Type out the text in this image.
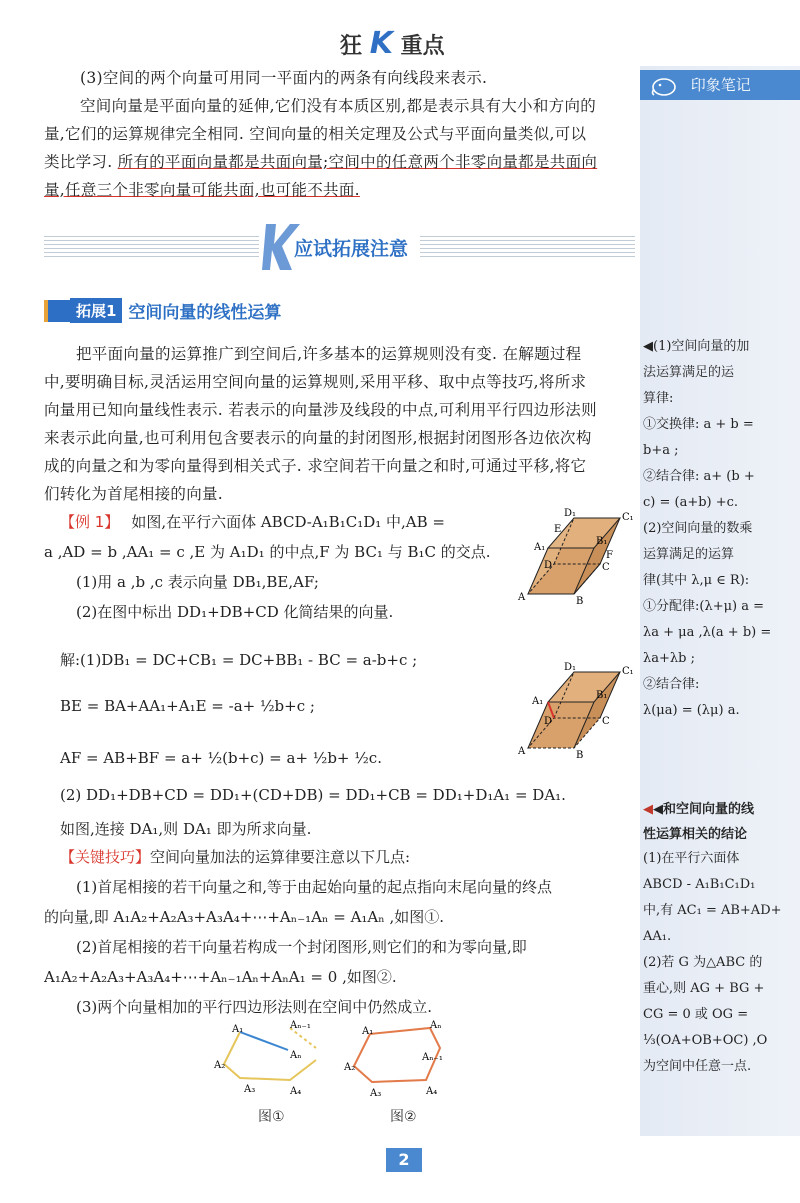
狂 K 重点
印象笔记
◀(1)空间向量的加
法运算满足的运
算律:
①交换律: a + b =
b+a ;
②结合律: a+ (b +
c) = (a+b) +c.
(2)空间向量的数乘
运算满足的运算
律(其中 λ,μ ∈ R):
①分配律:(λ+μ) a =
λa + μa ,λ(a + b) =
λa+λb ;
②结合律:
λ(μa) = (λμ) a.
◀◀和空间向量的线
性运算相关的结论
(1)在平行六面体
ABCD - A₁B₁C₁D₁
中,有 AC₁ = AB+AD+
AA₁.
(2)若 G 为△ABC 的
重心,则 AG + BG +
CG = 0 或 OG =
⅓(OA+OB+OC) ,O
为空间中任意一点.
(3)空间的两个向量可用同一平面内的两条有向线段来表示.
空间向量是平面向量的延伸,它们没有本质区别,都是表示具有大小和方向的
量,它们的运算规律完全相同. 空间向量的相关定理及公式与平面向量类似,可以
类比学习. 所有的平面向量都是共面向量;空间中的任意两个非零向量都是共面向
量,任意三个非零向量可能共面,也可能不共面.
应试拓展注意
拓展1 空间向量的线性运算
把平面向量的运算推广到空间后,许多基本的运算规则没有变. 在解题过程
中,要明确目标,灵活运用空间向量的运算规则,采用平移、取中点等技巧,将所求
向量用已知向量线性表示. 若表示的向量涉及线段的中点,可利用平行四边形法则
来表示此向量,也可利用包含要表示的向量的封闭图形,根据封闭图形各边依次构
成的向量之和为零向量得到相关式子. 求空间若干向量之和时,可通过平移,将它
们转化为首尾相接的向量.
【例 1】 如图,在平行六面体 ABCD-A₁B₁C₁D₁ 中,AB =
a ,AD = b ,AA₁ = c ,E 为 A₁D₁ 的中点,F 为 BC₁ 与 B₁C 的交点.
(1)用 a ,b ,c 表示向量 DB₁,BE,AF;
(2)在图中标出 DD₁+DB+CD 化简结果的向量.
解:(1)DB₁ = DC+CB₁ = DC+BB₁ - BC = a-b+c ;
BE = BA+AA₁+A₁E = -a+ ½b+c ;
AF = AB+BF = a+ ½(b+c) = a+ ½b+ ½c.
(2) DD₁+DB+CD = DD₁+(CD+DB) = DD₁+CB = DD₁+D₁A₁ = DA₁.
如图,连接 DA₁,则 DA₁ 即为所求向量.
A	B
C
D
A₁
B₁
C₁
D₁
E
F
A	B
C
D
A₁
B₁
C₁
D₁
【关键技巧】空间向量加法的运算律要注意以下几点:
(1)首尾相接的若干向量之和,等于由起始向量的起点指向末尾向量的终点
的向量,即 A₁A₂+A₂A₃+A₃A₄+⋯+Aₙ₋₁Aₙ = A₁Aₙ ,如图①.
(2)首尾相接的若干向量若构成一个封闭图形,则它们的和为零向量,即
A₁A₂+A₂A₃+A₃A₄+⋯+Aₙ₋₁Aₙ+AₙA₁ = 0 ,如图②.
(3)两个向量相加的平行四边形法则在空间中仍然成立.
A₁
A₂
A₃	A₄
Aₙ₋₁
Aₙ
A₁
A₂
A₃	A₄
Aₙ₋₁
Aₙ
图①	图②
2
